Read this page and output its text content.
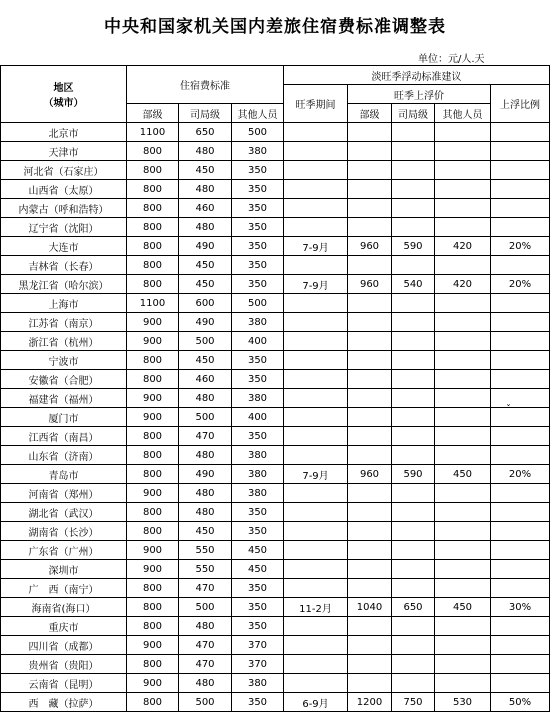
中央和国家机关国内差旅住宿费标准调整表
单位：元/人.天
地区
（城市）	住宿费标准			淡旺季浮动标准建议				
				旺季期间	旺季上浮价			上浮比例
	部级	司局级	其他人员		部级	司局级	其他人员	
北京市	1100	650	500					
天津市	800	480	380					
河北省（石家庄）	800	450	350					
山西省（太原）	800	480	350					
内蒙古（呼和浩特）	800	460	350					
辽宁省（沈阳）	800	480	350					
大连市	800	490	350	7-9月	960	590	420	20%
吉林省（长春）	800	450	350					
黑龙江省（哈尔滨）	800	450	350	7-9月	960	540	420	20%
上海市	1100	600	500					
江苏省（南京）	900	490	380					
浙江省（杭州）	900	500	400					
宁波市	800	450	350					
安徽省（合肥）	800	460	350					
福建省（福州）	900	480	380					
厦门市	900	500	400					
江西省（南昌）	800	470	350					
山东省（济南）	800	480	380					
青岛市	800	490	380	7-9月	960	590	450	20%
河南省（郑州）	900	480	380					
湖北省（武汉）	800	480	350					
湖南省（长沙）	800	450	350					
广东省（广州）	900	550	450					
深圳市	900	550	450					
广　西（南宁）	800	470	350					
海南省(海口）	800	500	350	11-2月	1040	650	450	30%
重庆市	800	480	350					
四川省（成都）	900	470	370					
贵州省（贵阳）	800	470	370					
云南省（昆明）	900	480	380					
西　藏（拉萨）	800	500	350	6-9月	1200	750	530	50%
ˇ
